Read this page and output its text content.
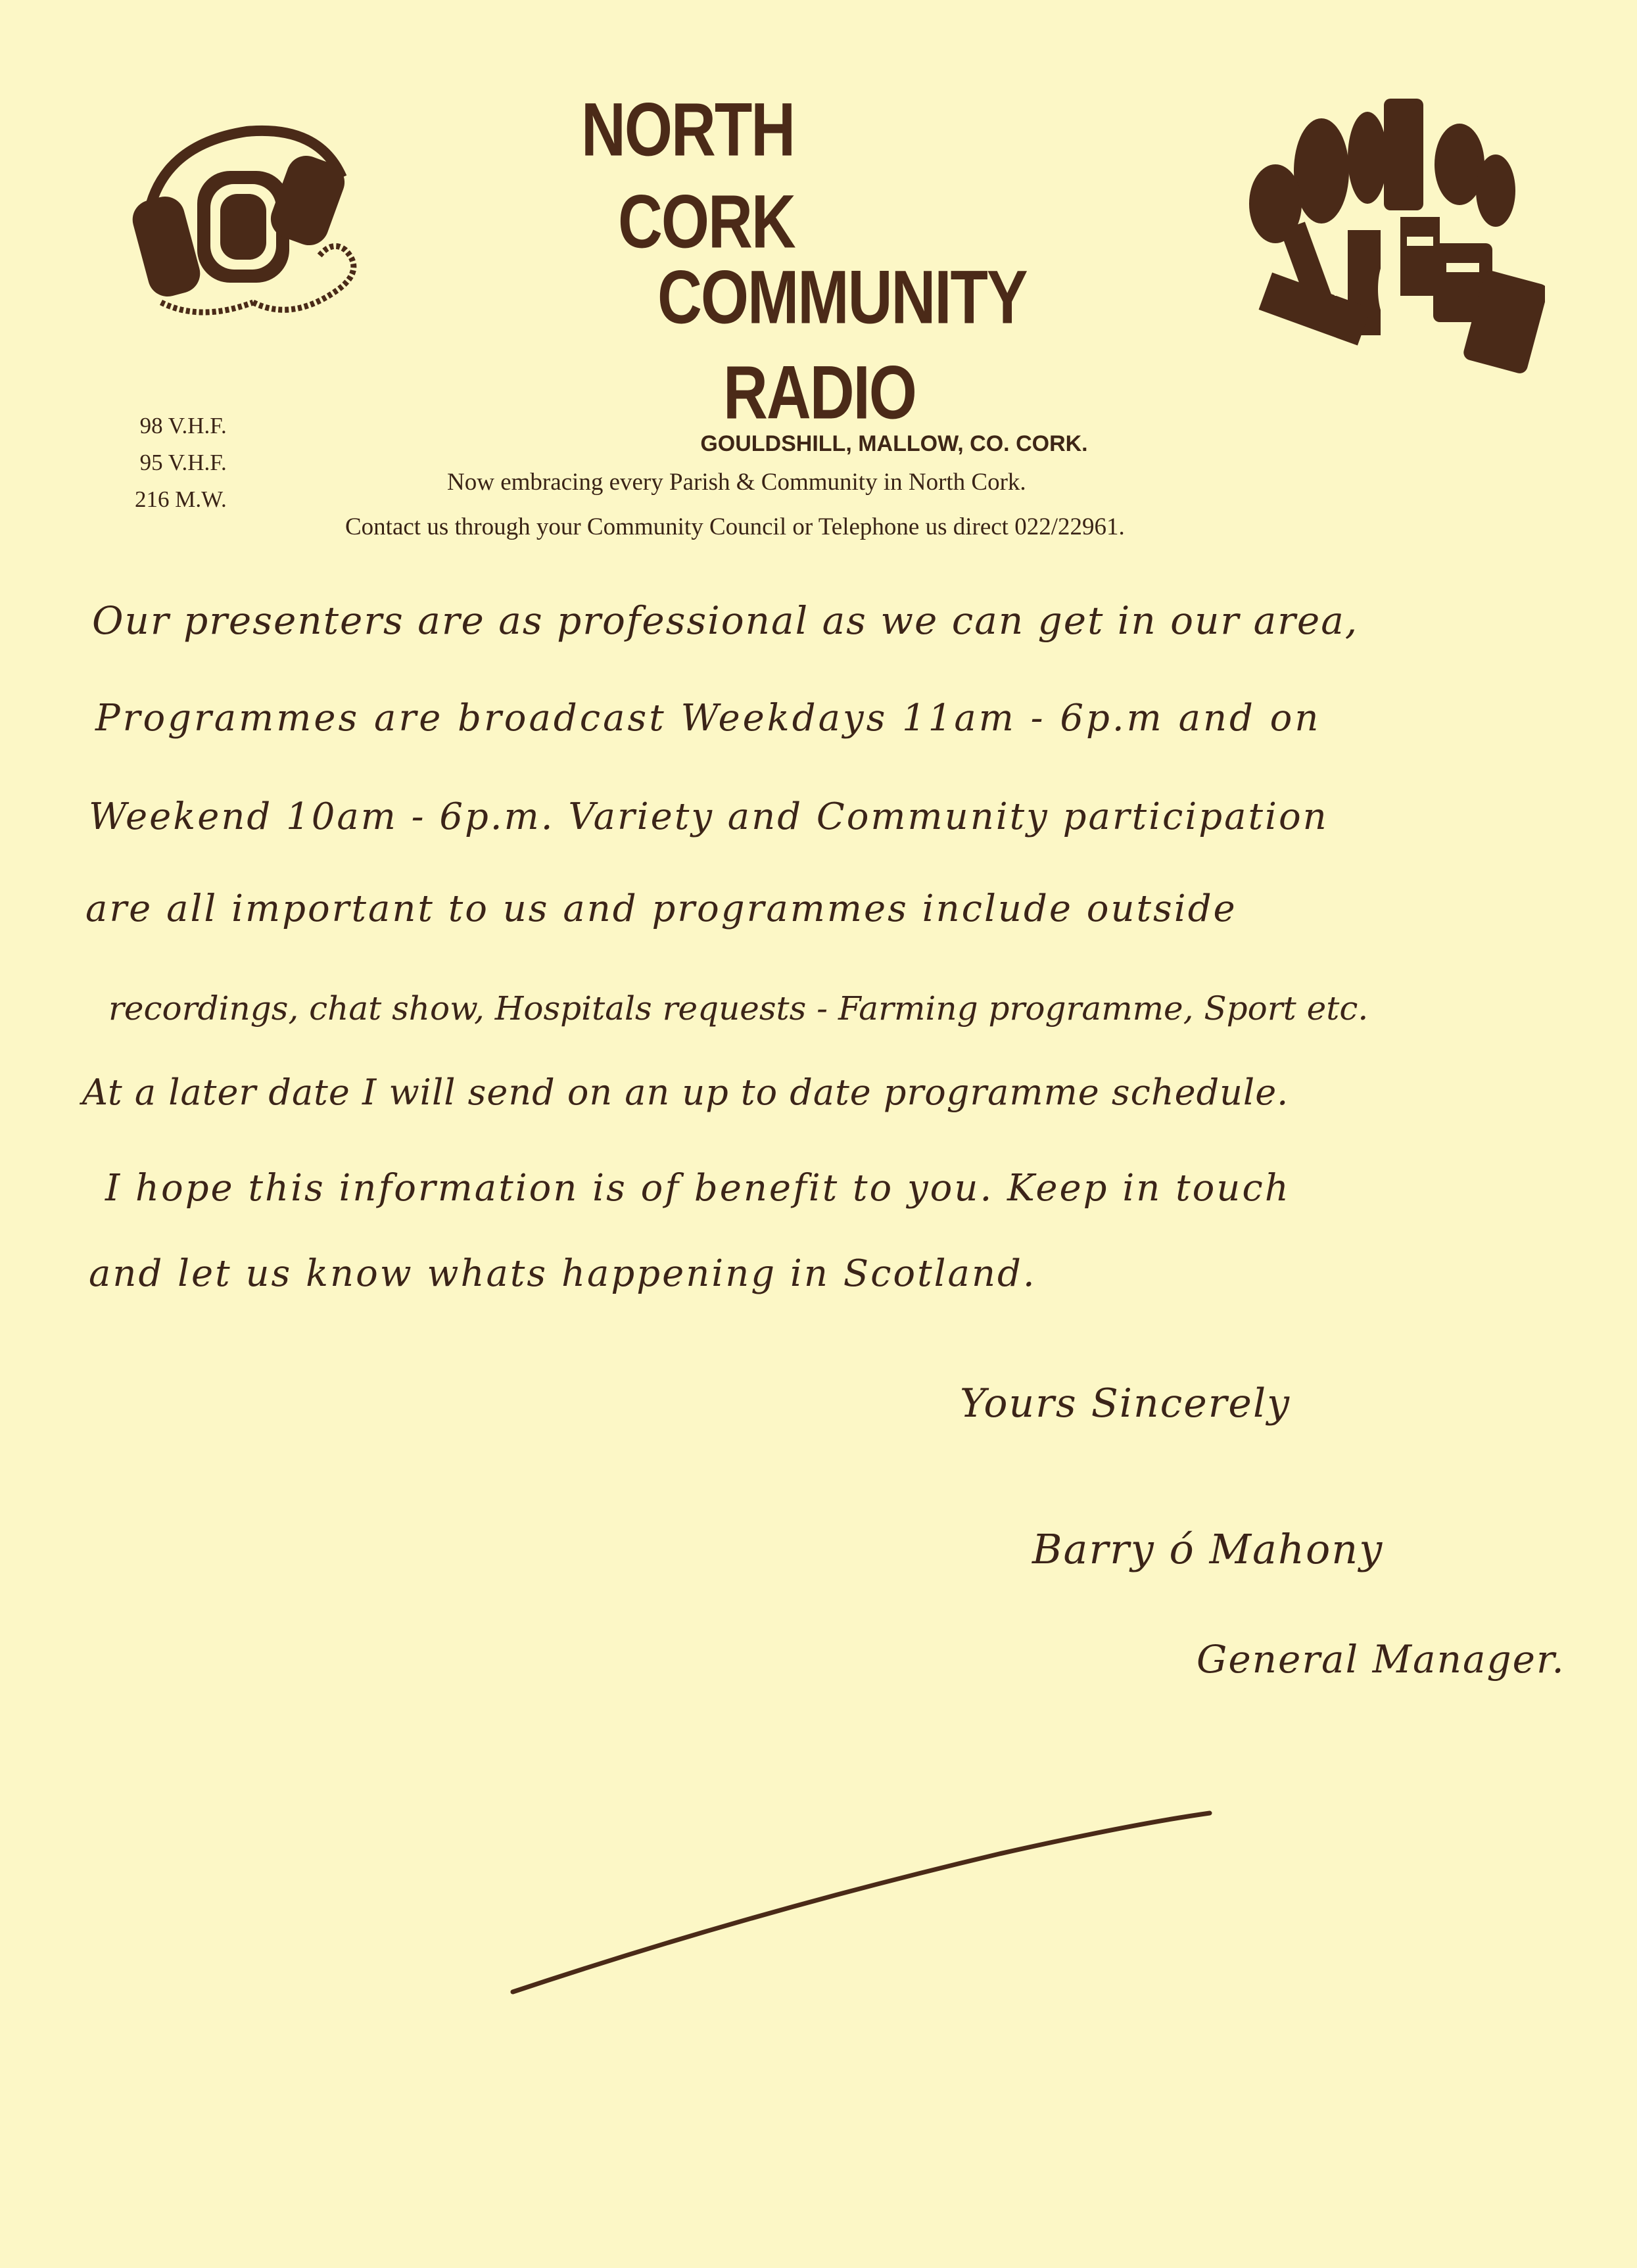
NORTH
CORK
COMMUNITY
RADIO
98 V.H.F.
95 V.H.F.
216 M.W.
GOULDSHILL, MALLOW, CO. CORK.
Now embracing every Parish & Community in North Cork.
Contact us through your Community Council or Telephone us direct 022/22961.
Our presenters are as professional as we can get in our area,
Programmes are broadcast Weekdays 11am - 6p.m and on
Weekend 10am - 6p.m. Variety and Community participation
are all important to us and programmes include outside
recordings, chat show, Hospitals requests - Farming programme, Sport etc.
At a later date I will send on an up to date programme schedule.
I hope this information is of benefit to you. Keep in touch
and let us know whats happening in Scotland.
Yours Sincerely
Barry ó Mahony
General Manager.
